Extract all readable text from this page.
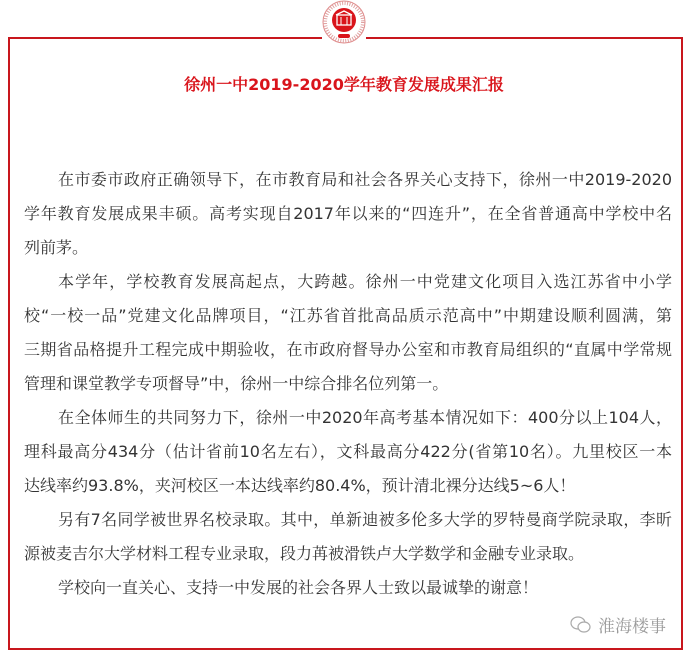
徐州一中2019-2020学年教育发展成果汇报
在市委市政府正确领导下，在市教育局和社会各界关心支持下，徐州一中2019-2020
学年教育发展成果丰硕。高考实现自2017年以来的“四连升”，在全省普通高中学校中名
列前茅。
本学年，学校教育发展高起点，大跨越。徐州一中党建文化项目入选江苏省中小学
校“一校一品”党建文化品牌项目，“江苏省首批高品质示范高中”中期建设顺利圆满，第
三期省品格提升工程完成中期验收，在市政府督导办公室和市教育局组织的“直属中学常规
管理和课堂教学专项督导”中，徐州一中综合排名位列第一。
在全体师生的共同努力下，徐州一中2020年高考基本情况如下：400分以上104人，
理科最高分434分（估计省前10名左右），文科最高分422分(省第10名）。九里校区一本
达线率约93.8%，夹河校区一本达线率约80.4%，预计清北裸分达线5~6人！
另有7名同学被世界名校录取。其中，单新迪被多伦多大学的罗特曼商学院录取，李昕
源被麦吉尔大学材料工程专业录取，段力苒被滑铁卢大学数学和金融专业录取。
学校向一直关心、支持一中发展的社会各界人士致以最诚挚的谢意！
淮海楼事
